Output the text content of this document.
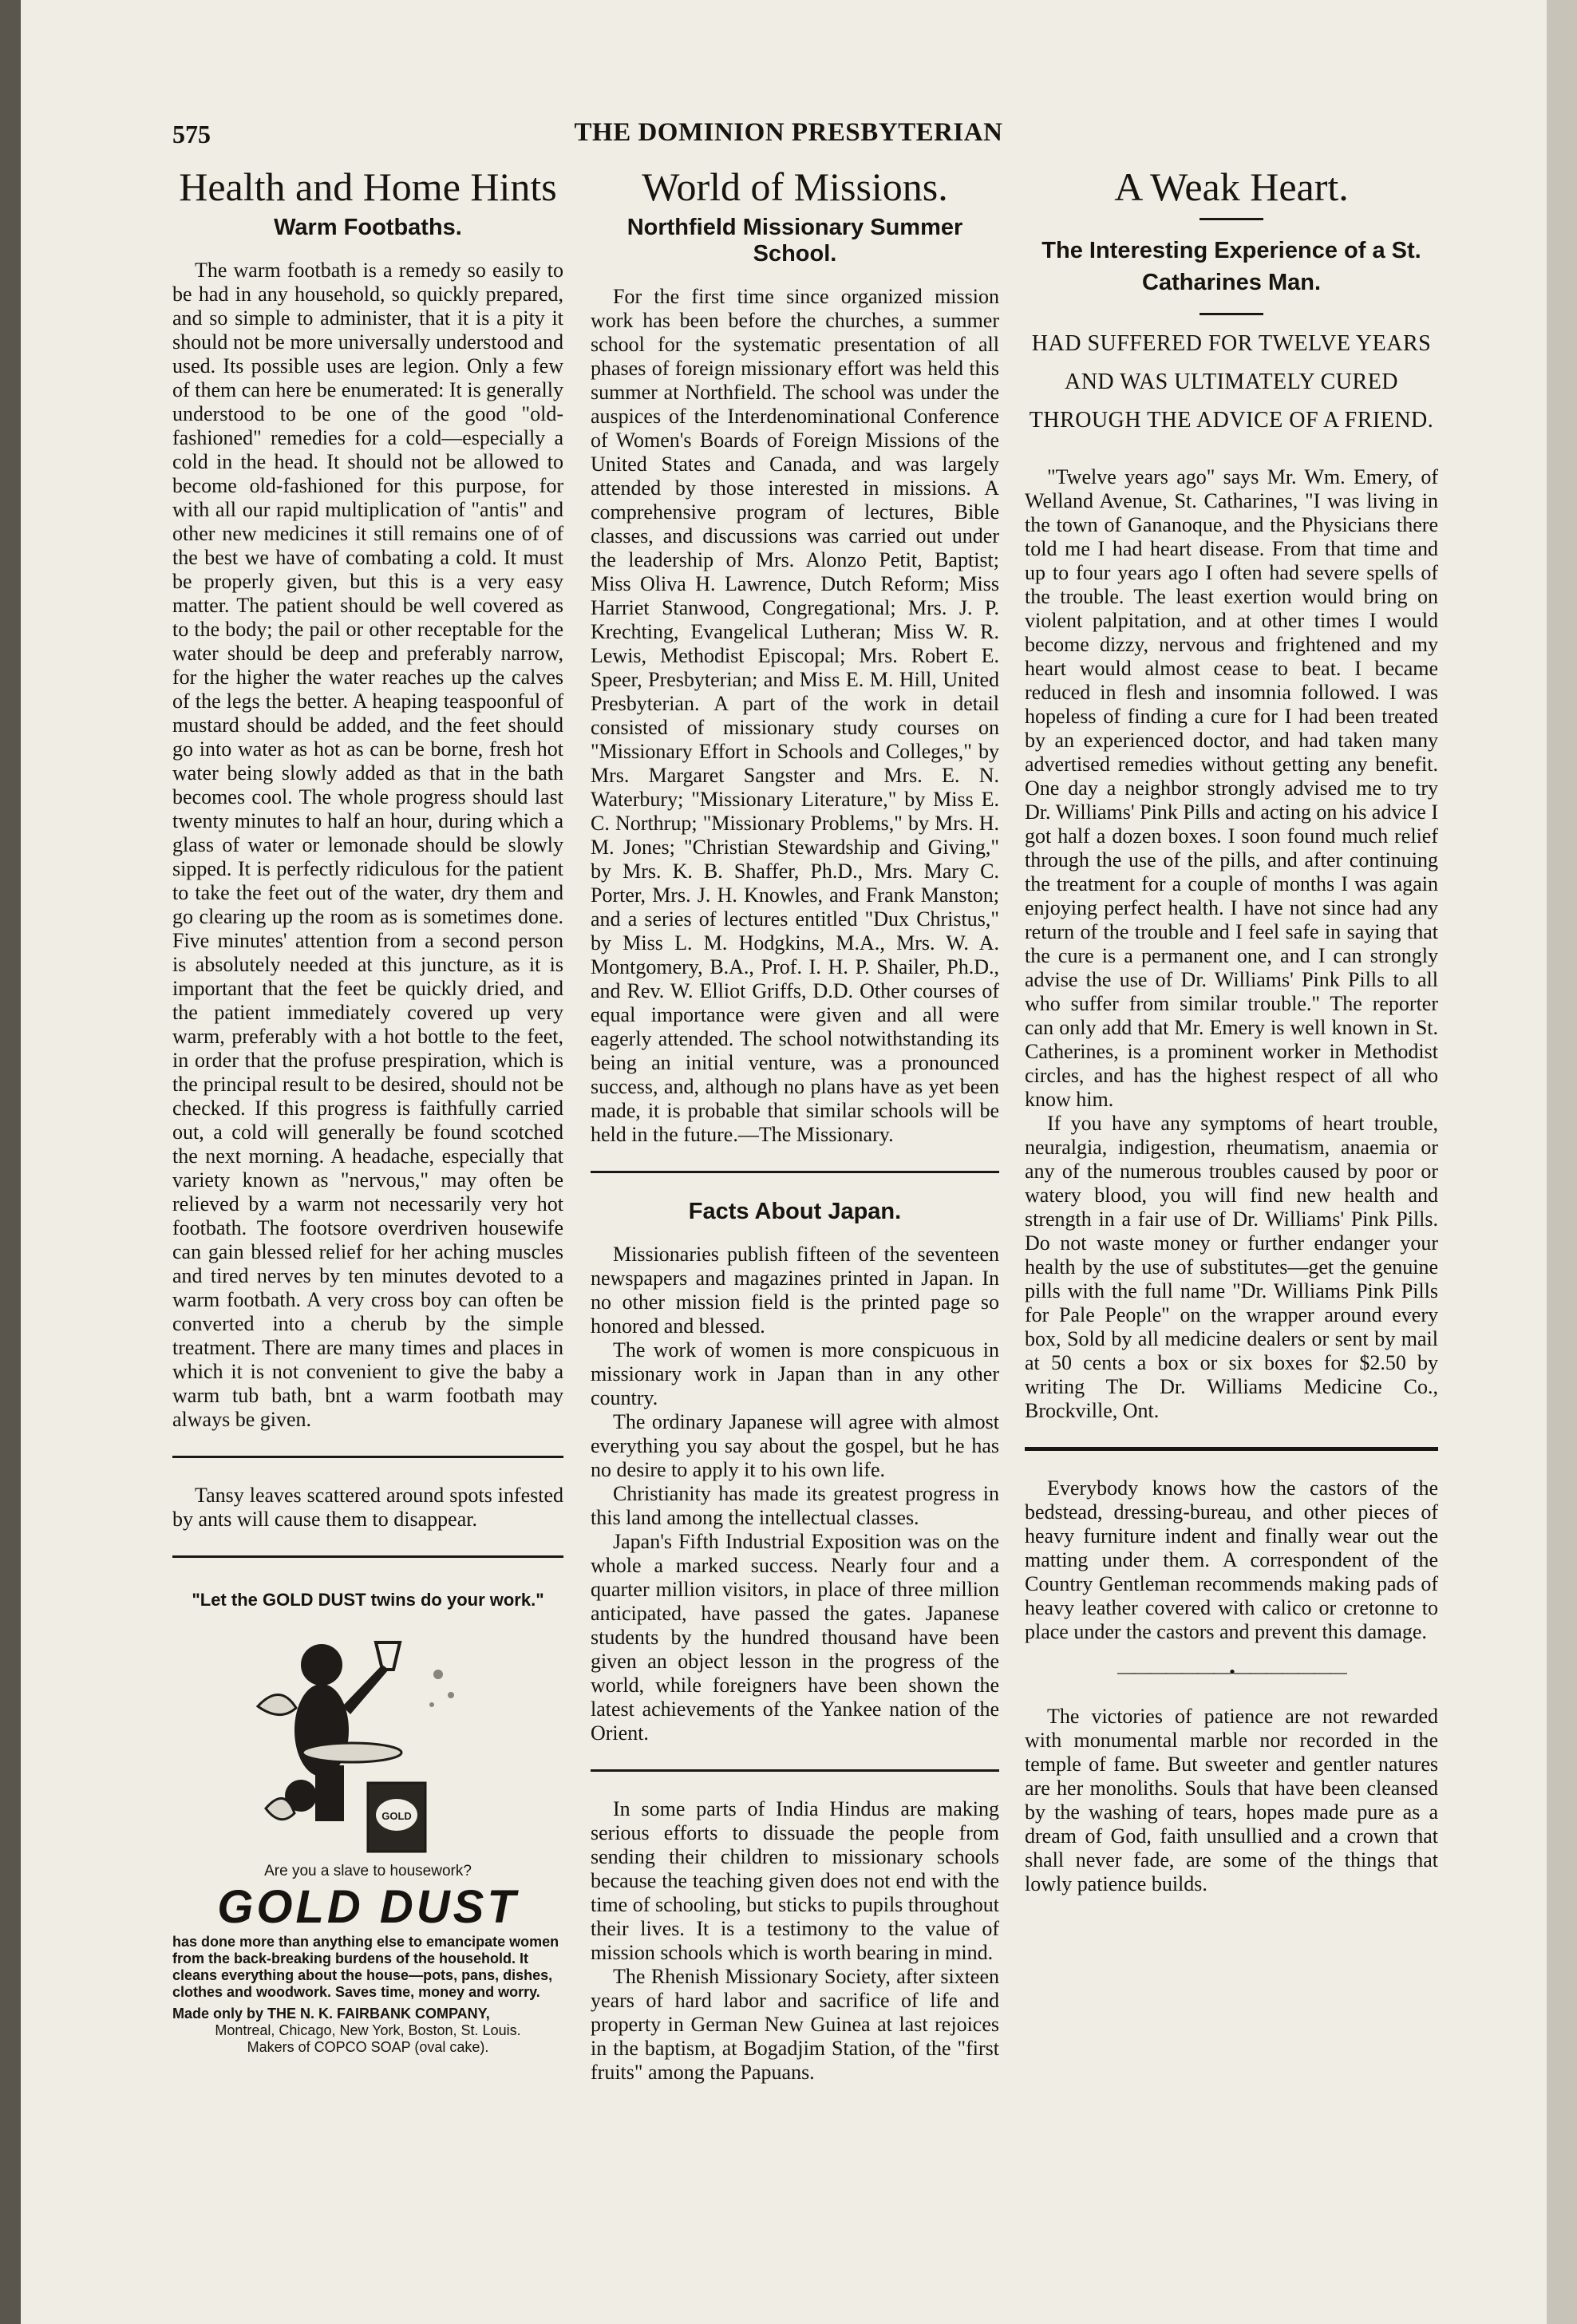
575	THE DOMINION PRESBYTERIAN
Health and Home Hints
Warm Footbaths.

The warm footbath is a remedy so easily to be had in any household, so quickly prepared, and so simple to administer, that it is a pity it should not be more universally understood and used. Its possible uses are legion. Only a few of them can here be enumerated: It is generally understood to be one of the good "old-fashioned" remedies for a cold—especially a cold in the head. It should not be allowed to become old-fashioned for this purpose, for with all our rapid multiplication of "antis" and other new medicines it still remains one of of the best we have of combating a cold. It must be properly given, but this is a very easy matter. The patient should be well covered as to the body; the pail or other receptable for the water should be deep and preferably narrow, for the higher the water reaches up the calves of the legs the better. A heaping teaspoonful of mustard should be added, and the feet should go into water as hot as can be borne, fresh hot water being slowly added as that in the bath becomes cool. The whole progress should last twenty minutes to half an hour, during which a glass of water or lemonade should be slowly sipped. It is perfectly ridiculous for the patient to take the feet out of the water, dry them and go clearing up the room as is sometimes done. Five minutes' attention from a second person is absolutely needed at this juncture, as it is important that the feet be quickly dried, and the patient immediately covered up very warm, preferably with a hot bottle to the feet, in order that the profuse prespiration, which is the principal result to be desired, should not be checked. If this progress is faithfully carried out, a cold will generally be found scotched the next morning. A headache, especially that variety known as "nervous," may often be relieved by a warm not necessarily very hot footbath. The footsore overdriven housewife can gain blessed relief for her aching muscles and tired nerves by ten minutes devoted to a warm footbath. A very cross boy can often be converted into a cherub by the simple treatment. There are many times and places in which it is not convenient to give the baby a warm tub bath, bnt a warm footbath may always be given.

Tansy leaves scattered around spots infested by ants will cause them to disappear.

"Let the GOLD DUST twins do your work."
GOLD
Are you a slave to housework?
GOLD DUST

has done more than anything else to emancipate women from the back-breaking burdens of the household. It cleans everything about the house—pots, pans, dishes, clothes and woodwork. Saves time, money and worry.

Made only by THE N. K. FAIRBANK COMPANY,

Montreal, Chicago, New York, Boston, St. Louis.

Makers of COPCO SOAP (oval cake).

World of Missions.
Northfield Missionary Summer School.

For the first time since organized mission work has been before the churches, a summer school for the systematic presentation of all phases of foreign missionary effort was held this summer at Northfield. The school was under the auspices of the Interdenominational Conference of Women's Boards of Foreign Missions of the United States and Canada, and was largely attended by those interested in missions. A comprehensive program of lectures, Bible classes, and discussions was carried out under the leadership of Mrs. Alonzo Petit, Baptist; Miss Oliva H. Lawrence, Dutch Reform; Miss Harriet Stanwood, Congregational; Mrs. J. P. Krechting, Evangelical Lutheran; Miss W. R. Lewis, Methodist Episcopal; Mrs. Robert E. Speer, Presbyterian; and Miss E. M. Hill, United Presbyterian. A part of the work in detail consisted of missionary study courses on "Missionary Effort in Schools and Colleges," by Mrs. Margaret Sangster and Mrs. E. N. Waterbury; "Missionary Literature," by Miss E. C. Northrup; "Missionary Problems," by Mrs. H. M. Jones; "Christian Stewardship and Giving," by Mrs. K. B. Shaffer, Ph.D., Mrs. Mary C. Porter, Mrs. J. H. Knowles, and Frank Manston; and a series of lectures entitled "Dux Christus," by Miss L. M. Hodgkins, M.A., Mrs. W. A. Montgomery, B.A., Prof. I. H. P. Shailer, Ph.D., and Rev. W. Elliot Griffs, D.D. Other courses of equal importance were given and all were eagerly attended. The school notwithstanding its being an initial venture, was a pronounced success, and, although no plans have as yet been made, it is probable that similar schools will be held in the future.—The Missionary.

Facts About Japan.

Missionaries publish fifteen of the seventeen newspapers and magazines printed in Japan. In no other mission field is the printed page so honored and blessed.

The work of women is more conspicuous in missionary work in Japan than in any other country.

The ordinary Japanese will agree with almost everything you say about the gospel, but he has no desire to apply it to his own life.

Christianity has made its greatest progress in this land among the intellectual classes.

Japan's Fifth Industrial Exposition was on the whole a marked success. Nearly four and a quarter million visitors, in place of three million anticipated, have passed the gates. Japanese students by the hundred thousand have been given an object lesson in the progress of the world, while foreigners have been shown the latest achievements of the Yankee nation of the Orient.

In some parts of India Hindus are making serious efforts to dissuade the people from sending their children to missionary schools because the teaching given does not end with the time of schooling, but sticks to pupils throughout their lives. It is a testimony to the value of mission schools which is worth bearing in mind.

The Rhenish Missionary Society, after sixteen years of hard labor and sacrifice of life and property in German New Guinea at last rejoices in the baptism, at Bogadjim Station, of the "first fruits" among the Papuans.

A Weak Heart.
The Interesting Experience of a St. Catharines Man.
HAD SUFFERED FOR TWELVE YEARS AND WAS ULTIMATELY CURED THROUGH THE ADVICE OF A FRIEND.

"Twelve years ago" says Mr. Wm. Emery, of Welland Avenue, St. Catharines, "I was living in the town of Gananoque, and the Physicians there told me I had heart disease. From that time and up to four years ago I often had severe spells of the trouble. The least exertion would bring on violent palpitation, and at other times I would become dizzy, nervous and frightened and my heart would almost cease to beat. I became reduced in flesh and insomnia followed. I was hopeless of finding a cure for I had been treated by an experienced doctor, and had taken many advertised remedies without getting any benefit. One day a neighbor strongly advised me to try Dr. Williams' Pink Pills and acting on his advice I got half a dozen boxes. I soon found much relief through the use of the pills, and after continuing the treatment for a couple of months I was again enjoying perfect health. I have not since had any return of the trouble and I feel safe in saying that the cure is a permanent one, and I can strongly advise the use of Dr. Williams' Pink Pills to all who suffer from similar trouble." The reporter can only add that Mr. Emery is well known in St. Catherines, is a prominent worker in Methodist circles, and has the highest respect of all who know him.

If you have any symptoms of heart trouble, neuralgia, indigestion, rheumatism, anaemia or any of the numerous troubles caused by poor or watery blood, you will find new health and strength in a fair use of Dr. Williams' Pink Pills. Do not waste money or further endanger your health by the use of substitutes—get the genuine pills with the full name "Dr. Williams Pink Pills for Pale People" on the wrapper around every box, Sold by all medicine dealers or sent by mail at 50 cents a box or six boxes for $2.50 by writing The Dr. Williams Medicine Co., Brockville, Ont.

Everybody knows how the castors of the bedstead, dressing-bureau, and other pieces of heavy furniture indent and finally wear out the matting under them. A correspondent of the Country Gentleman recommends making pads of heavy leather covered with calico or cretonne to place under the castors and prevent this damage.

———————•———————

The victories of patience are not rewarded with monumental marble nor recorded in the temple of fame. But sweeter and gentler natures are her monoliths. Souls that have been cleansed by the washing of tears, hopes made pure as a dream of God, faith unsullied and a crown that shall never fade, are some of the things that lowly patience builds.
